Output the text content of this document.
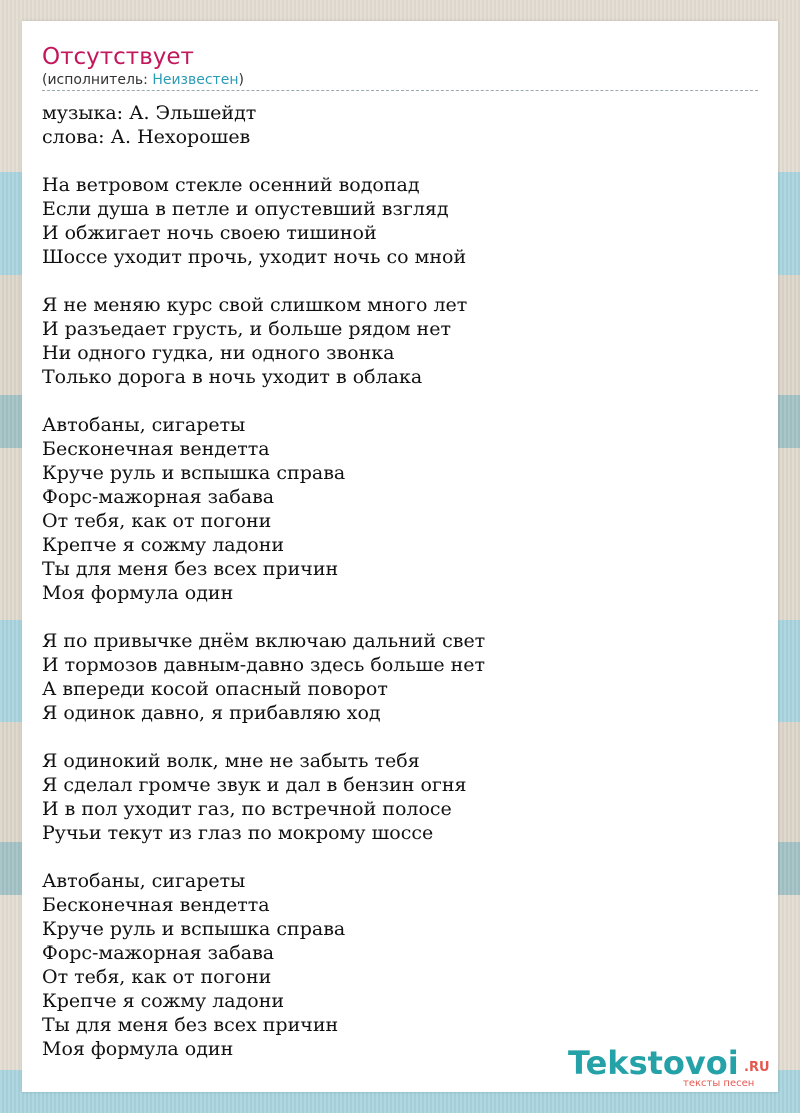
Отсутствует
(исполнитель: Неизвестен)
музыка: А. Эльшейдт
слова: А. Нехорошев
На ветровом стекле осенний водопад
Если душа в петле и опустевший взгляд
И обжигает ночь своею тишиной
Шоссе уходит прочь, уходит ночь со мной
Я не меняю курс свой слишком много лет
И разъедает грусть, и больше рядом нет
Ни одного гудка, ни одного звонка
Только дорога в ночь уходит в облака
Автобаны, сигареты
Бесконечная вендетта
Круче руль и вспышка справа
Форс-мажорная забава
От тебя, как от погони
Крепче я сожму ладони
Ты для меня без всех причин
Моя формула один
Я по привычке днём включаю дальний свет
И тормозов давным-давно здесь больше нет
А впереди косой опасный поворот
Я одинок давно, я прибавляю ход
Я одинокий волк, мне не забыть тебя
Я сделал громче звук и дал в бензин огня
И в пол уходит газ, по встречной полосе
Ручьи текут из глаз по мокрому шоссе
Автобаны, сигареты
Бесконечная вендетта
Круче руль и вспышка справа
Форс-мажорная забава
От тебя, как от погони
Крепче я сожму ладони
Ты для меня без всех причин
Моя формула один	Tekstovoi .RU
тексты песен
